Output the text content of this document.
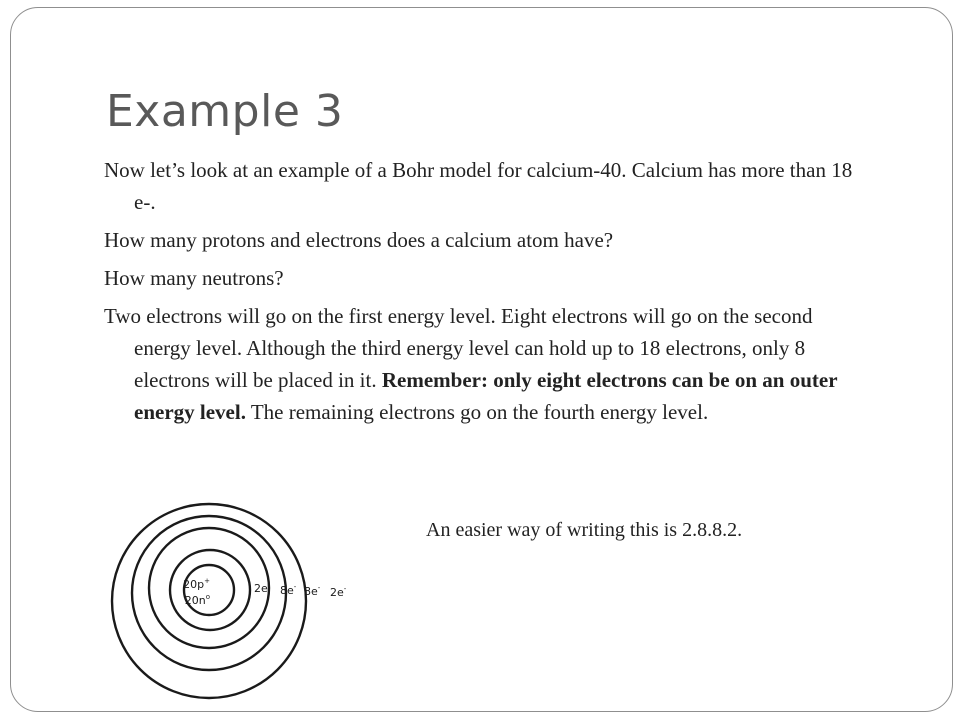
Example 3
Now let’s look at an example of a Bohr model for calcium-40. Calcium has more than 18 e-.
How many protons and electrons does a calcium atom have?
How many neutrons?
Two electrons will go on the first energy level. Eight electrons will go on the second energy level. Although the third energy level can hold up to 18 electrons, only 8 electrons will be placed in it. Remember: only eight electrons can be on an outer energy level. The remaining electrons go on the fourth energy level.

An easier way of writing this is 2.8.8.2.

20p+
$20n^o$
2e- 8e- 8e- 2e-
